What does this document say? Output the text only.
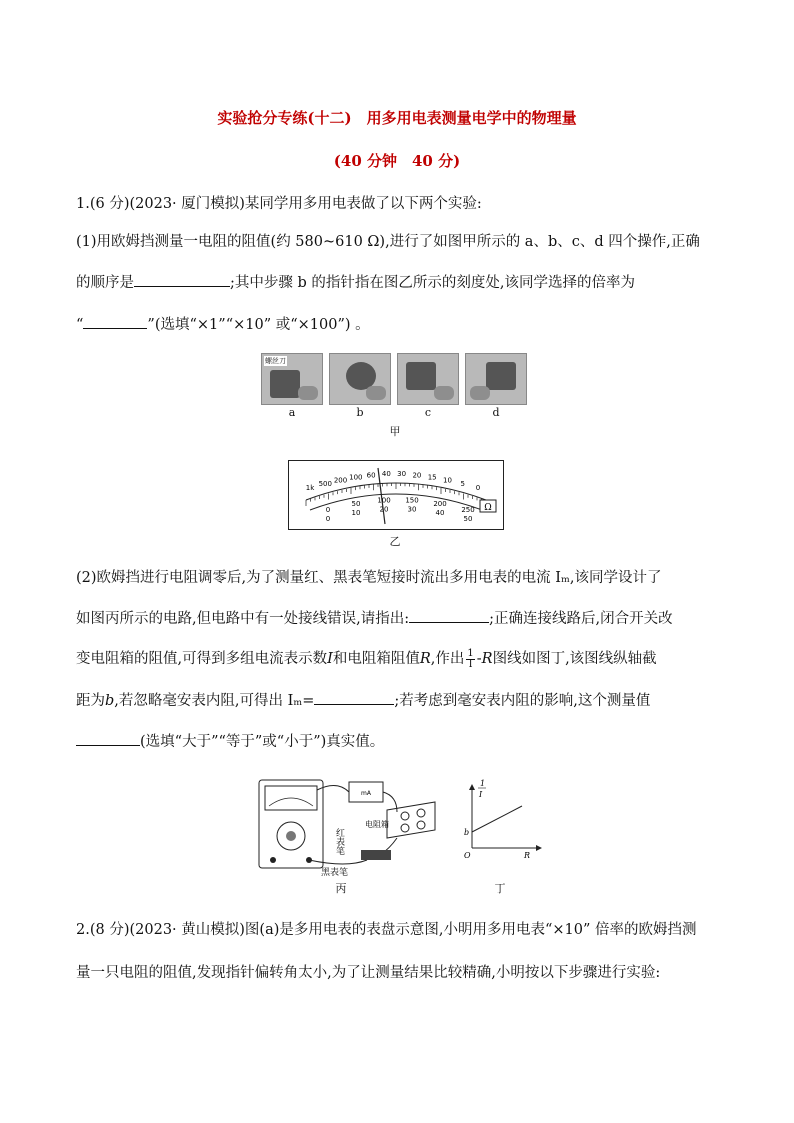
实验抢分专练(十二)　用多用电表测量电学中的物理量
(40 分钟　40 分)
1.(6 分)(2023· 厦门模拟)某同学用多用电表做了以下两个实验:
(1)用欧姆挡测量一电阻的阻值(约 580~610 Ω),进行了如图甲所示的 a、b、c、d 四个操作,正确
的顺序是	;其中步骤 b 的指针指在图乙所示的刻度处,该同学选择的倍率为
“	”(选填“×1”“×10” 或“×100”) 。
螺丝刀
a	b	c	d
甲
Ω
1k 500 200 100 60 40 30 20 15 10 5 0
0
0
50
10
100
20
150
30
200
40 250
50
乙
(2)欧姆挡进行电阻调零后,为了测量红、黑表笔短接时流出多用电表的电流 Iₘ,该同学设计了
如图丙所示的电路,但电路中有一处接线错误,请指出:	;正确连接线路后,闭合开关改
变电阻箱的阻值,可得到多组电流表示数I和电阻箱阻值R,作出 $\frac{1}{I} -R$图线如图丁,该图线纵轴截
距为b,若忽略毫安表内阻,可得出 Iₘ=	;若考虑到毫安表内阻的影响,这个测量值
(选填“大于”“等于”或“小于”)真实值。
mA
红表笔
电阻箱
黑表笔
丙
1
I
b
O	R
丁
2.(8 分)(2023· 黄山模拟)图(a)是多用电表的表盘示意图,小明用多用电表“×10” 倍率的欧姆挡测
量一只电阻的阻值,发现指针偏转角太小,为了让测量结果比较精确,小明按以下步骤进行实验:
